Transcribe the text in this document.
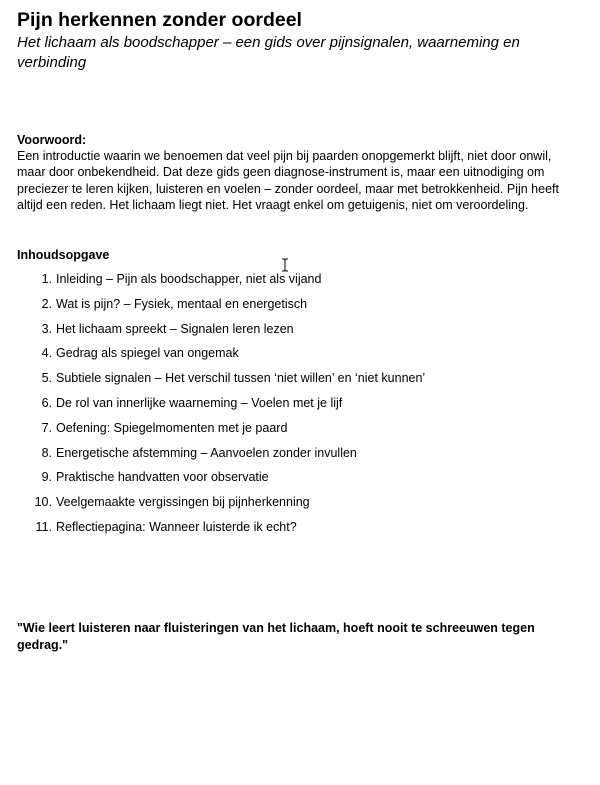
Pijn herkennen zonder oordeel

Het lichaam als boodschapper – een gids over pijnsignalen, waarneming en verbinding

Voorwoord:

Een introductie waarin we benoemen dat veel pijn bij paarden onopgemerkt blijft, niet door onwil, maar door onbekendheid. Dat deze gids geen diagnose-instrument is, maar een uitnodiging om preciezer te leren kijken, luisteren en voelen – zonder oordeel, maar met betrokkenheid. Pijn heeft altijd een reden. Het lichaam liegt niet. Het vraagt enkel om getuigenis, niet om veroordeling.

Inhoudsopgave

1. Inleiding – Pijn als boodschapper, niet als vijand
2. Wat is pijn? – Fysiek, mentaal en energetisch
3. Het lichaam spreekt – Signalen leren lezen
4. Gedrag als spiegel van ongemak
5. Subtiele signalen – Het verschil tussen ‘niet willen’ en ‘niet kunnen’
6. De rol van innerlijke waarneming – Voelen met je lijf
7. Oefening: Spiegelmomenten met je paard
8. Energetische afstemming – Aanvoelen zonder invullen
9. Praktische handvatten voor observatie
10. Veelgemaakte vergissingen bij pijnherkenning
11. Reflectiepagina: Wanneer luisterde ik echt?

"Wie leert luisteren naar fluisteringen van het lichaam, hoeft nooit te schreeuwen tegen gedrag."
